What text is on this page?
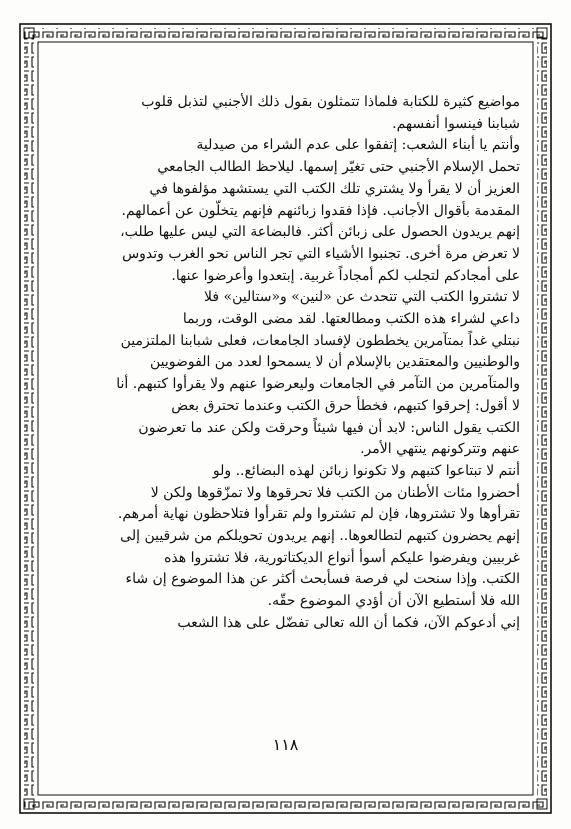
مواضيع كثيرة للكتابة فلماذا تتمثلون بقول ذلك الأجنبي لتذبل قلوب

شبابنا فينسوا أنفسهم.

وأنتم يا أبناء الشعب: إتفقوا على عدم الشراء من صيدلية

تحمل الإسلام الأجنبي حتى تغيّر إسمها. ليلاحظ الطالب الجامعي

العزيز أن لا يقرأ ولا يشتري تلك الكتب التي يستشهد مؤلفوها في

المقدمة بأقوال الأجانب. فإذا فقدوا زبائنهم فإنهم يتخلّون عن أعمالهم.

إنهم يريدون الحصول على زبائن أكثر. فالبضاعة التي ليس عليها طلب،

لا تعرض مرة أخرى. تجنبوا الأشياء التي تجر الناس نحو الغرب وتدوس

على أمجادكم لتجلب لكم أمجاداً غربية. إبتعدوا وأعرضوا عنها.

لا تشتروا الكتب التي تتحدث عن «لنين» و«ستالين» فلا

داعي لشراء هذه الكتب ومطالعتها. لقد مضى الوقت، وربما

نبتلي غداً بمتآمرين يخططون لإفساد الجامعات، فعلى شبابنا الملتزمين

والوطنيين والمعتقدين بالإسلام أن لا يسمحوا لعدد من الفوضويين

والمتآمرين من التآمر في الجامعات وليعرضوا عنهم ولا يقرأوا كتبهم. أنا

لا أقول: إحرقوا كتبهم، فخطأ حرق الكتب وعندما تحترق بعض

الكتب يقول الناس: لابد أن فيها شيئاً وحرقت ولكن عند ما تعرضون

عنهم وتتركونهم ينتهي الأمر.

أنتم لا تبتاعوا كتبهم ولا تكونوا زبائن لهذه البضائع.. ولو

أحضروا مئات الأطنان من الكتب فلا تحرقوها ولا تمزّقوها ولكن لا

تقرأوها ولا تشتروها، فإن لم تشتروا ولم تقرأوا فتلاحظون نهاية أمرهم.

إنهم يحضرون كتبهم لتطالعوها.. إنهم يريدون تحويلكم من شرقيين إلى

غربيين ويفرضوا عليكم أسوأ أنواع الديكتاتورية، فلا تشتروا هذه

الكتب. وإذا سنحت لي فرصة فسأبحث أكثر عن هذا الموضوع إن شاء

الله فلا أستطيع الآن أن أؤدي الموضوع حقّه.

إني أدعوكم الآن، فكما أن الله تعالى تفضّل على هذا الشعب

١١٨
